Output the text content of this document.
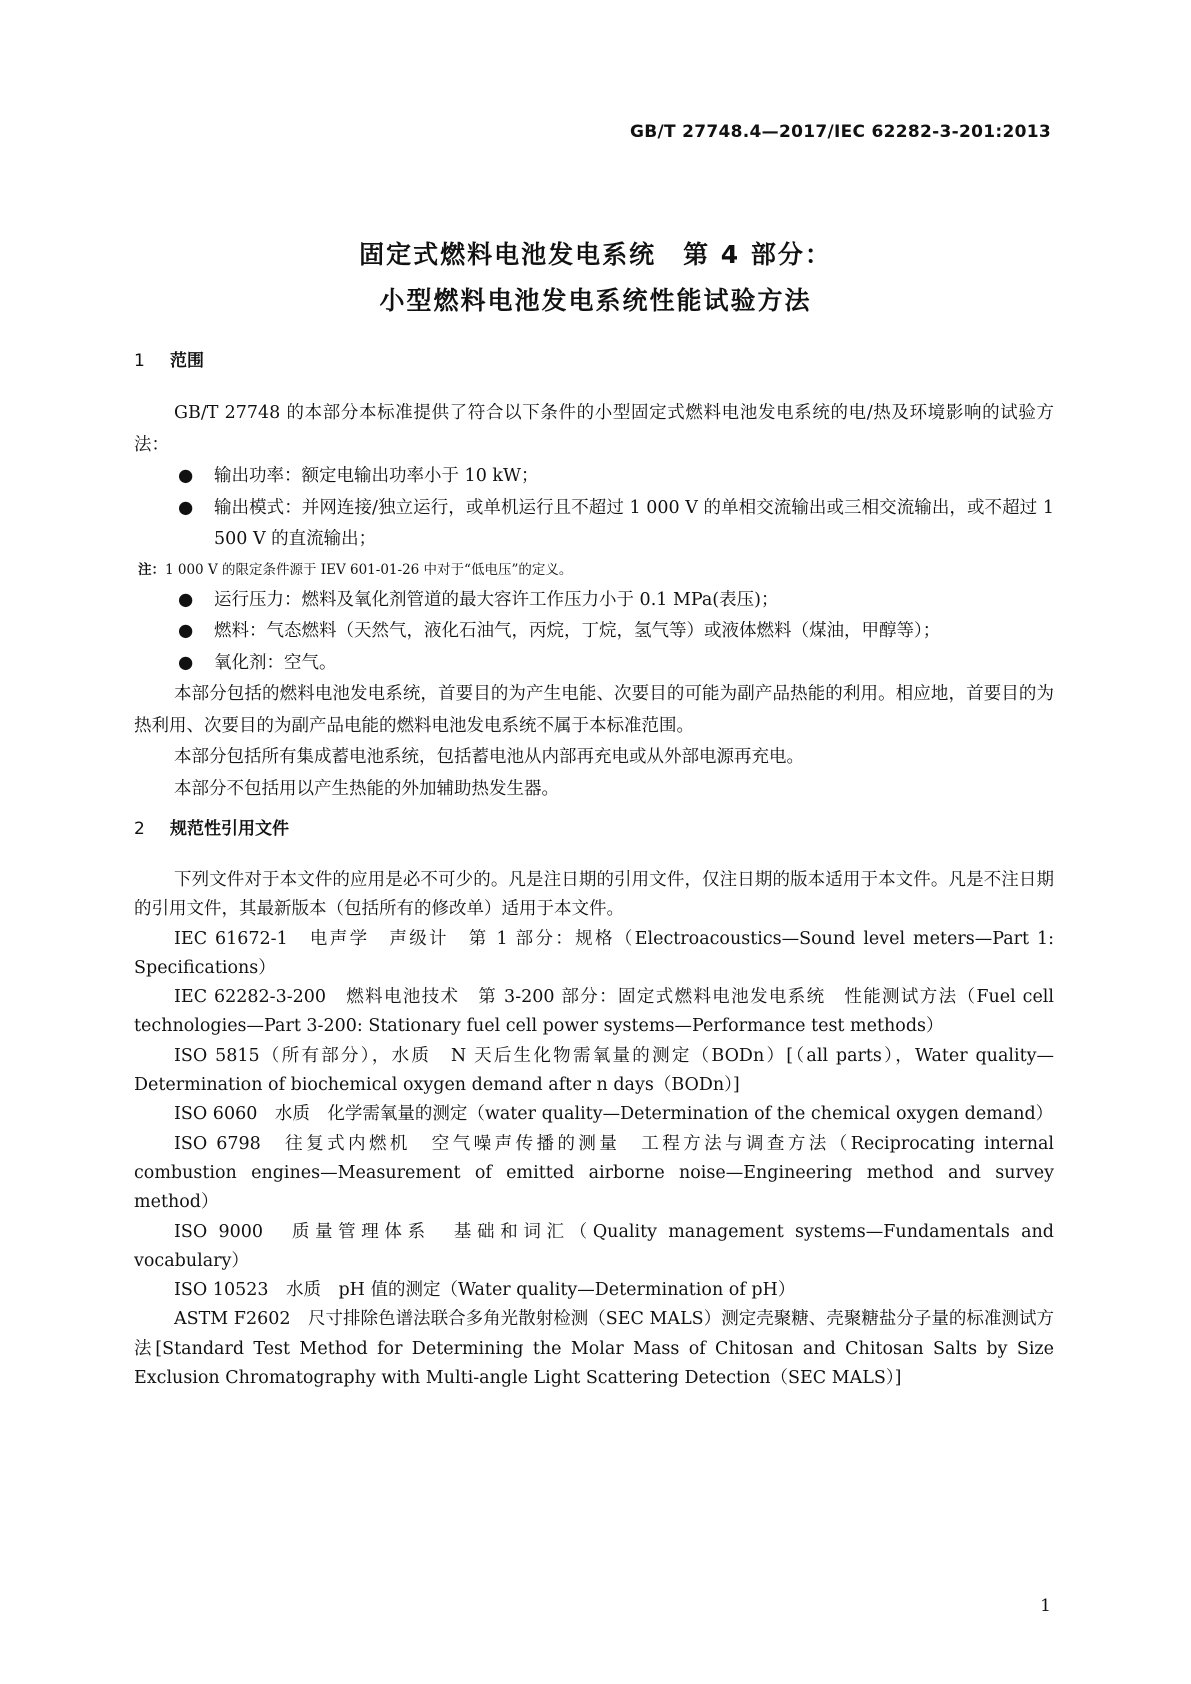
GB/T 27748.4—2017/IEC 62282-3-201:2013
固定式燃料电池发电系统　第 4 部分：
小型燃料电池发电系统性能试验方法
1 范围

GB/T 27748 的本部分本标准提供了符合以下条件的小型固定式燃料电池发电系统的电/热及环境影响的试验方法：

● 输出功率：额定电输出功率小于 10 kW；

● 输出模式：并网连接/独立运行，或单机运行且不超过 1 000 V 的单相交流输出或三相交流输出，或不超过 1 500 V 的直流输出；

注：1 000 V 的限定条件源于 IEV 601-01-26 中对于“低电压”的定义。

● 运行压力：燃料及氧化剂管道的最大容许工作压力小于 0.1 MPa(表压)；

● 燃料：气态燃料（天然气，液化石油气，丙烷，丁烷，氢气等）或液体燃料（煤油，甲醇等）；

● 氧化剂：空气。

本部分包括的燃料电池发电系统，首要目的为产生电能、次要目的可能为副产品热能的利用。相应地，首要目的为热利用、次要目的为副产品电能的燃料电池发电系统不属于本标准范围。

本部分包括所有集成蓄电池系统，包括蓄电池从内部再充电或从外部电源再充电。

本部分不包括用以产生热能的外加辅助热发生器。

2 规范性引用文件

下列文件对于本文件的应用是必不可少的。凡是注日期的引用文件，仅注日期的版本适用于本文件。凡是不注日期的引用文件，其最新版本（包括所有的修改单）适用于本文件。

IEC 61672-1　电声学　声级计　第 1 部分：规格（Electroacoustics—Sound level meters—Part 1: Specifications）

IEC 62282-3-200　燃料电池技术　第 3-200 部分：固定式燃料电池发电系统　性能测试方法（Fuel cell technologies—Part 3-200: Stationary fuel cell power systems—Performance test methods）

ISO 5815（所有部分），水质　N 天后生化物需氧量的测定（BODn）[（all parts），Water quality—Determination of biochemical oxygen demand after n days（BODn）]

ISO 6060　水质　化学需氧量的测定（water quality—Determination of the chemical oxygen demand）

ISO 6798　往复式内燃机　空气噪声传播的测量　工程方法与调查方法（Reciprocating internal combustion engines—Measurement of emitted airborne noise—Engineering method and survey method）

ISO 9000　质量管理体系　基础和词汇（Quality management systems—Fundamentals and vocabulary）

ISO 10523　水质　pH 值的测定（Water quality—Determination of pH）

ASTM F2602　尺寸排除色谱法联合多角光散射检测（SEC MALS）测定壳聚糖、壳聚糖盐分子量的标准测试方法[Standard Test Method for Determining the Molar Mass of Chitosan and Chitosan Salts by Size Exclusion Chromatography with Multi-angle Light Scattering Detection（SEC MALS）]

1
